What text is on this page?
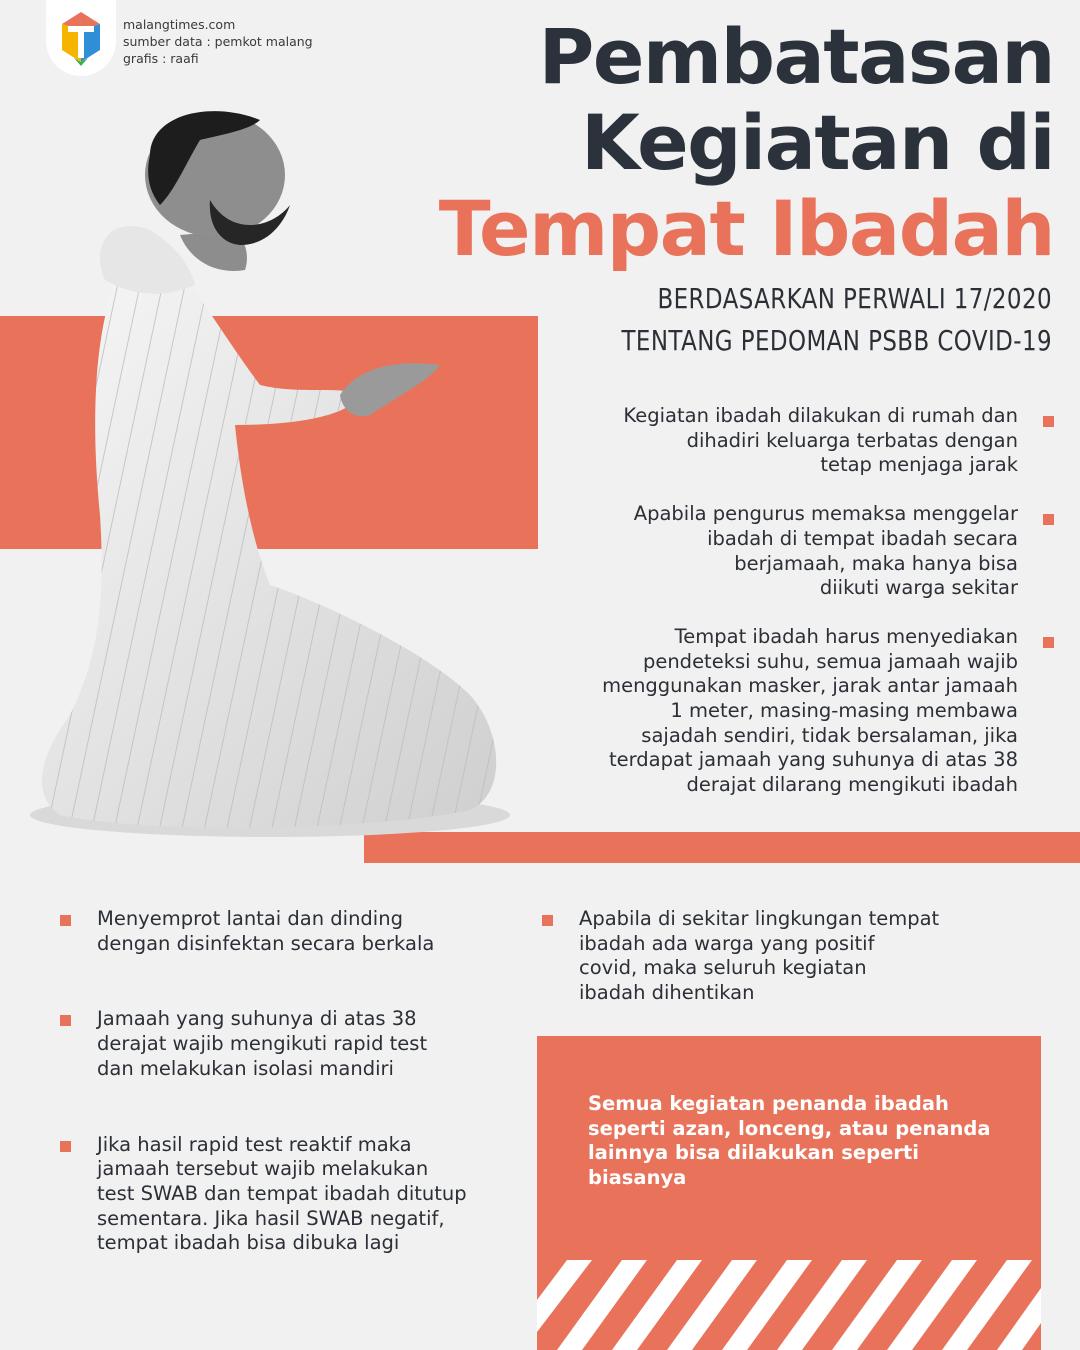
malangtimes.com
sumber data : pemkot malang
grafis : raafi	Pembatasan
Kegiatan di
Tempat Ibadah
BERDASARKAN PERWALI 17/2020
TENTANG PEDOMAN PSBB COVID-19
Kegiatan ibadah dilakukan di rumah dan
dihadiri keluarga terbatas dengan
tetap menjaga jarak
Apabila pengurus memaksa menggelar
ibadah di tempat ibadah secara
berjamaah, maka hanya bisa
diikuti warga sekitar
Tempat ibadah harus menyediakan
pendeteksi suhu, semua jamaah wajib
menggunakan masker, jarak antar jamaah
1 meter, masing-masing membawa
sajadah sendiri, tidak bersalaman, jika
terdapat jamaah yang suhunya di atas 38
derajat dilarang mengikuti ibadah
Menyemprot lantai dan dinding
dengan disinfektan secara berkala
Jamaah yang suhunya di atas 38
derajat wajib mengikuti rapid test
dan melakukan isolasi mandiri
Jika hasil rapid test reaktif maka
jamaah tersebut wajib melakukan
test SWAB dan tempat ibadah ditutup
sementara. Jika hasil SWAB negatif,
tempat ibadah bisa dibuka lagi
Apabila di sekitar lingkungan tempat
ibadah ada warga yang positif
covid, maka seluruh kegiatan
ibadah dihentikan
Semua kegiatan penanda ibadah
seperti azan, lonceng, atau penanda
lainnya bisa dilakukan seperti
biasanya
